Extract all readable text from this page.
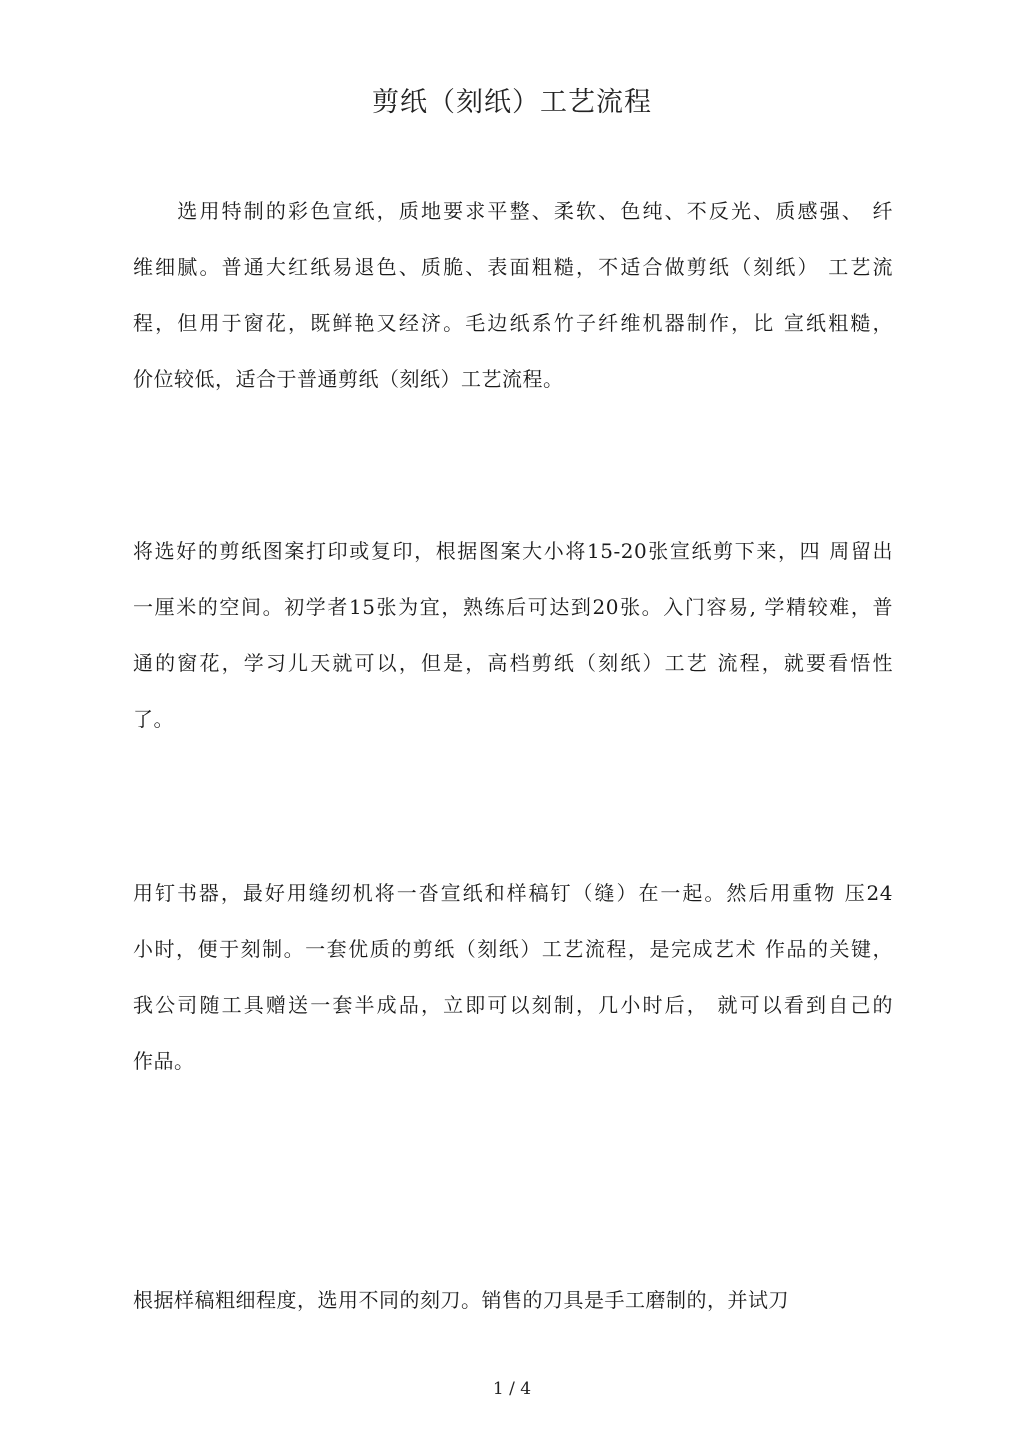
剪纸（刻纸）工艺流程
　　选用特制的彩色宣纸，质地要求平整、柔软、色纯、不反光、质感强、 纤
维细腻。普通大红纸易退色、质脆、表面粗糙，不适合做剪纸（刻纸） 工艺流
程，但用于窗花，既鲜艳又经济。毛边纸系竹子纤维机器制作，比 宣纸粗糙，
价位较低，适合于普通剪纸（刻纸）工艺流程。
将选好的剪纸图案打印或复印，根据图案大小将15-20张宣纸剪下来，四 周留出
一厘米的空间。初学者15张为宜，熟练后可达到20张。入门容易, 学精较难，普
通的窗花，学习儿天就可以，但是，高档剪纸（刻纸）工艺 流程，就要看悟性
了。
用钉书器，最好用缝纫机将一沓宣纸和样稿钉（缝）在一起。然后用重物 压24
小时，便于刻制。一套优质的剪纸（刻纸）工艺流程，是完成艺术 作品的关键，
我公司随工具赠送一套半成品，立即可以刻制，几小时后， 就可以看到自己的
作品。
根据样稿粗细程度，选用不同的刻刀。销售的刀具是手工磨制的，并试刀
1 / 4
